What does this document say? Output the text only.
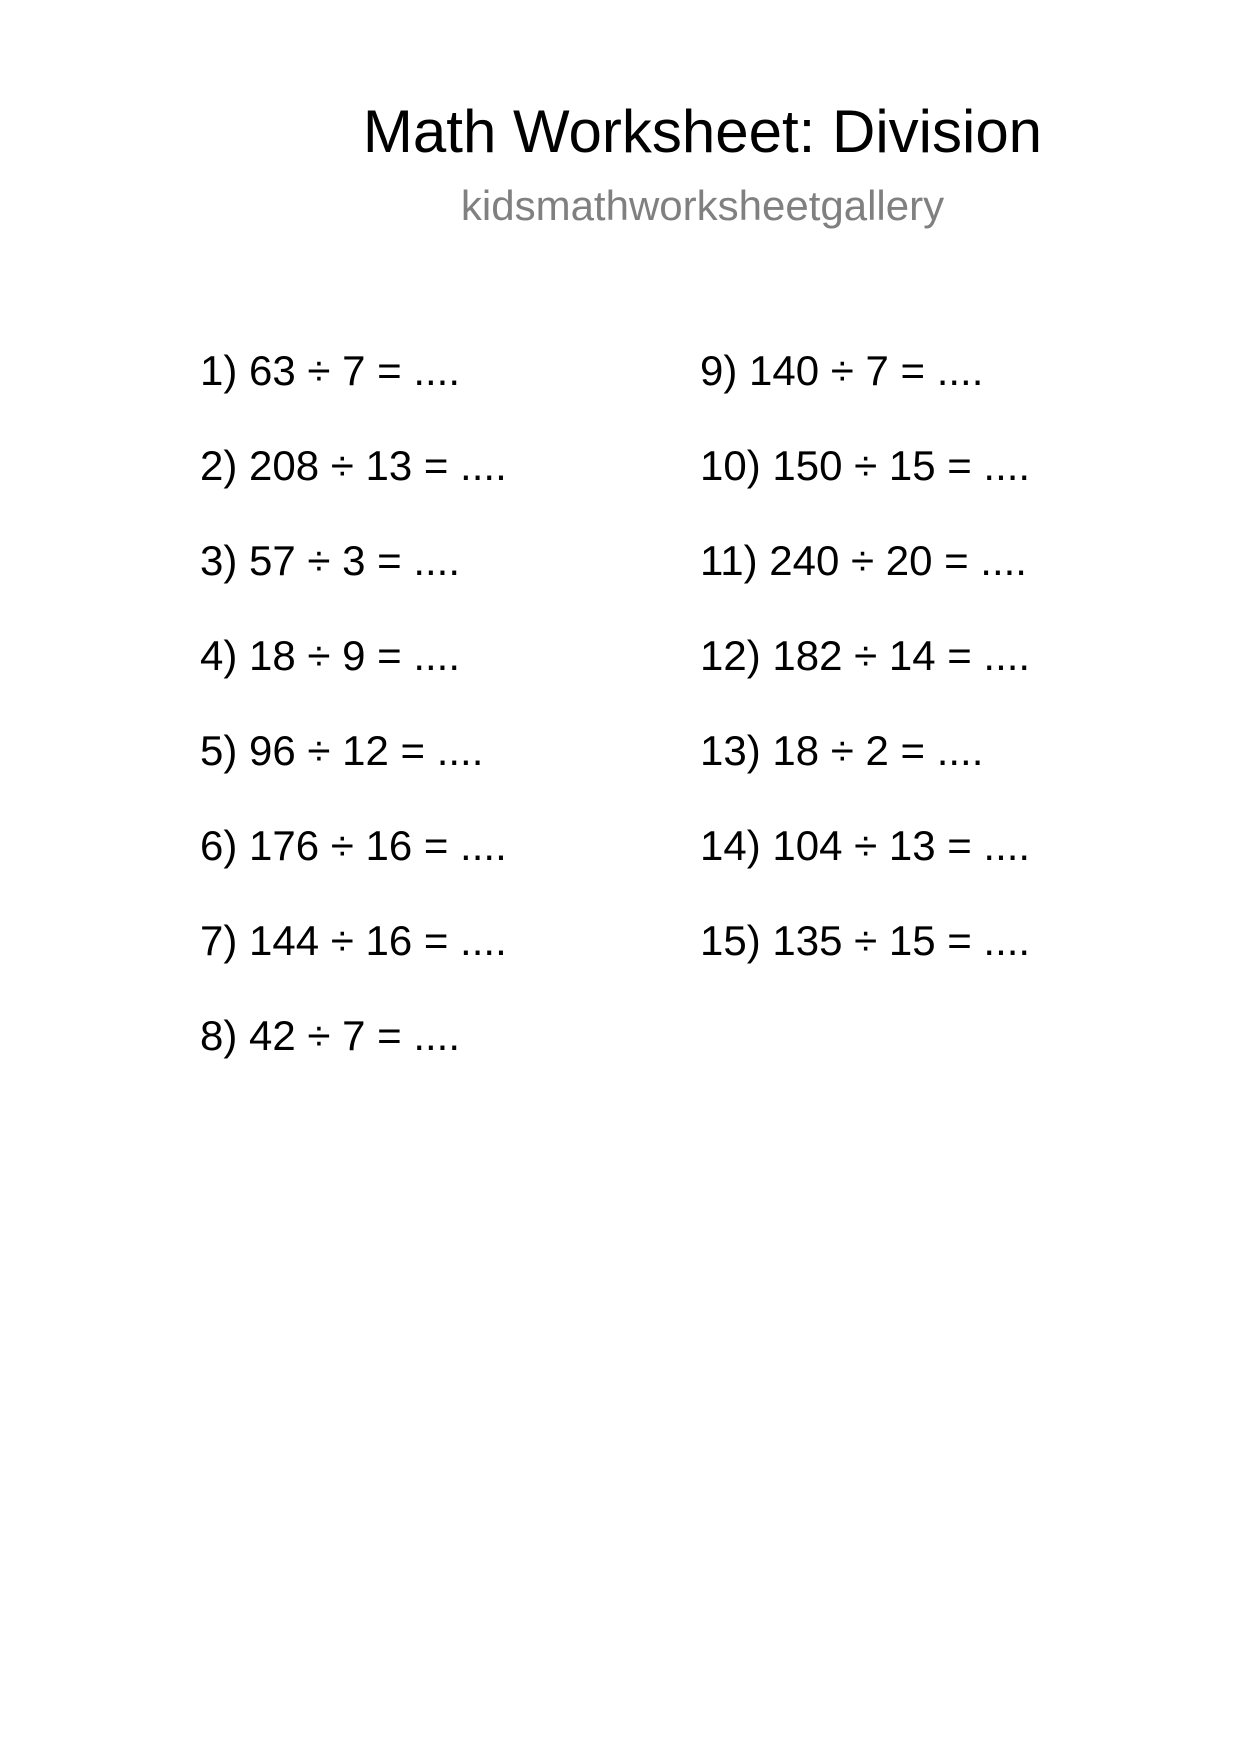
Math Worksheet: Division
kidsmathworksheetgallery
1) 63 ÷ 7 = ....
2) 208 ÷ 13 = ....
3) 57 ÷ 3 = ....
4) 18 ÷ 9 = ....
5) 96 ÷ 12 = ....
6) 176 ÷ 16 = ....
7) 144 ÷ 16 = ....
8) 42 ÷ 7 = ....
9) 140 ÷ 7 = ....
10) 150 ÷ 15 = ....
11) 240 ÷ 20 = ....
12) 182 ÷ 14 = ....
13) 18 ÷ 2 = ....
14) 104 ÷ 13 = ....
15) 135 ÷ 15 = ....
